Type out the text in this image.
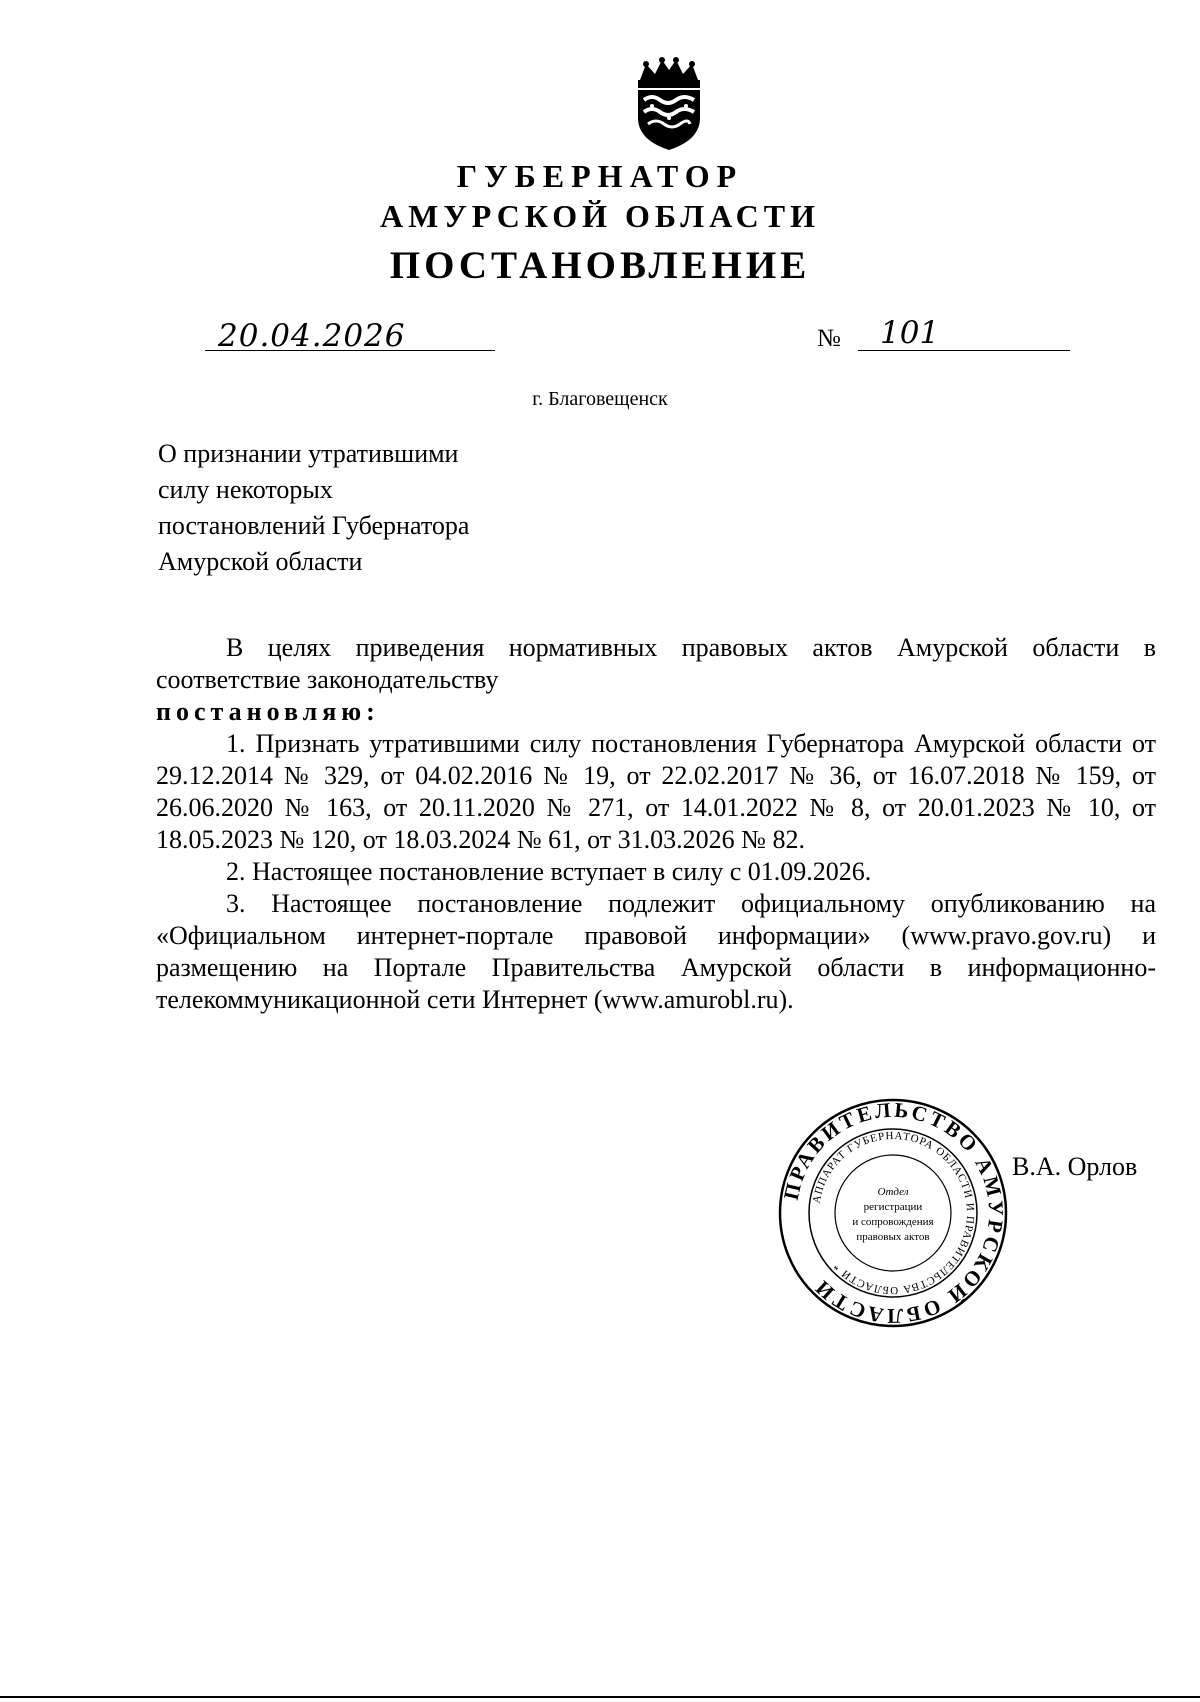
ГУБЕРНАТОР
АМУРСКОЙ ОБЛАСТИ
ПОСТАНОВЛЕНИЕ
20.04.2026	№ 101
г. Благовещенск
О признании утратившими
силу некоторых
постановлений Губернатора
Амурской области

В целях приведения нормативных правовых актов Амурской области в соответствие законодательству

постановляю:

1. Признать утратившими силу постановления Губернатора Амурской области от 29.12.2014 № 329, от 04.02.2016 № 19, от 22.02.2017 № 36, от 16.07.2018 № 159, от 26.06.2020 № 163, от 20.11.2020 № 271, от 14.01.2022 № 8, от 20.01.2023 № 10, от 18.05.2023 № 120, от 18.03.2024 № 61, от 31.03.2026 № 82.

2. Настоящее постановление вступает в силу с 01.09.2026.

3. Настоящее постановление подлежит официальному опубликованию на «Официальном интернет-портале правовой информации» (www.pravo.gov.ru) и размещению на Портале Правительства Амурской области в информационно-телекоммуникационной сети Интернет (www.amurobl.ru).

ПРАВИТЕЛЬСТВО АМУРСКОЙ ОБЛАСТИ
АППАРАТ ГУБЕРНАТОРА ОБЛАСТИ И ПРАВИТЕЛЬСТВА ОБЛАСТИ *
Отдел
регистрации
и сопровождения
правовых актов
В.А. Орлов
